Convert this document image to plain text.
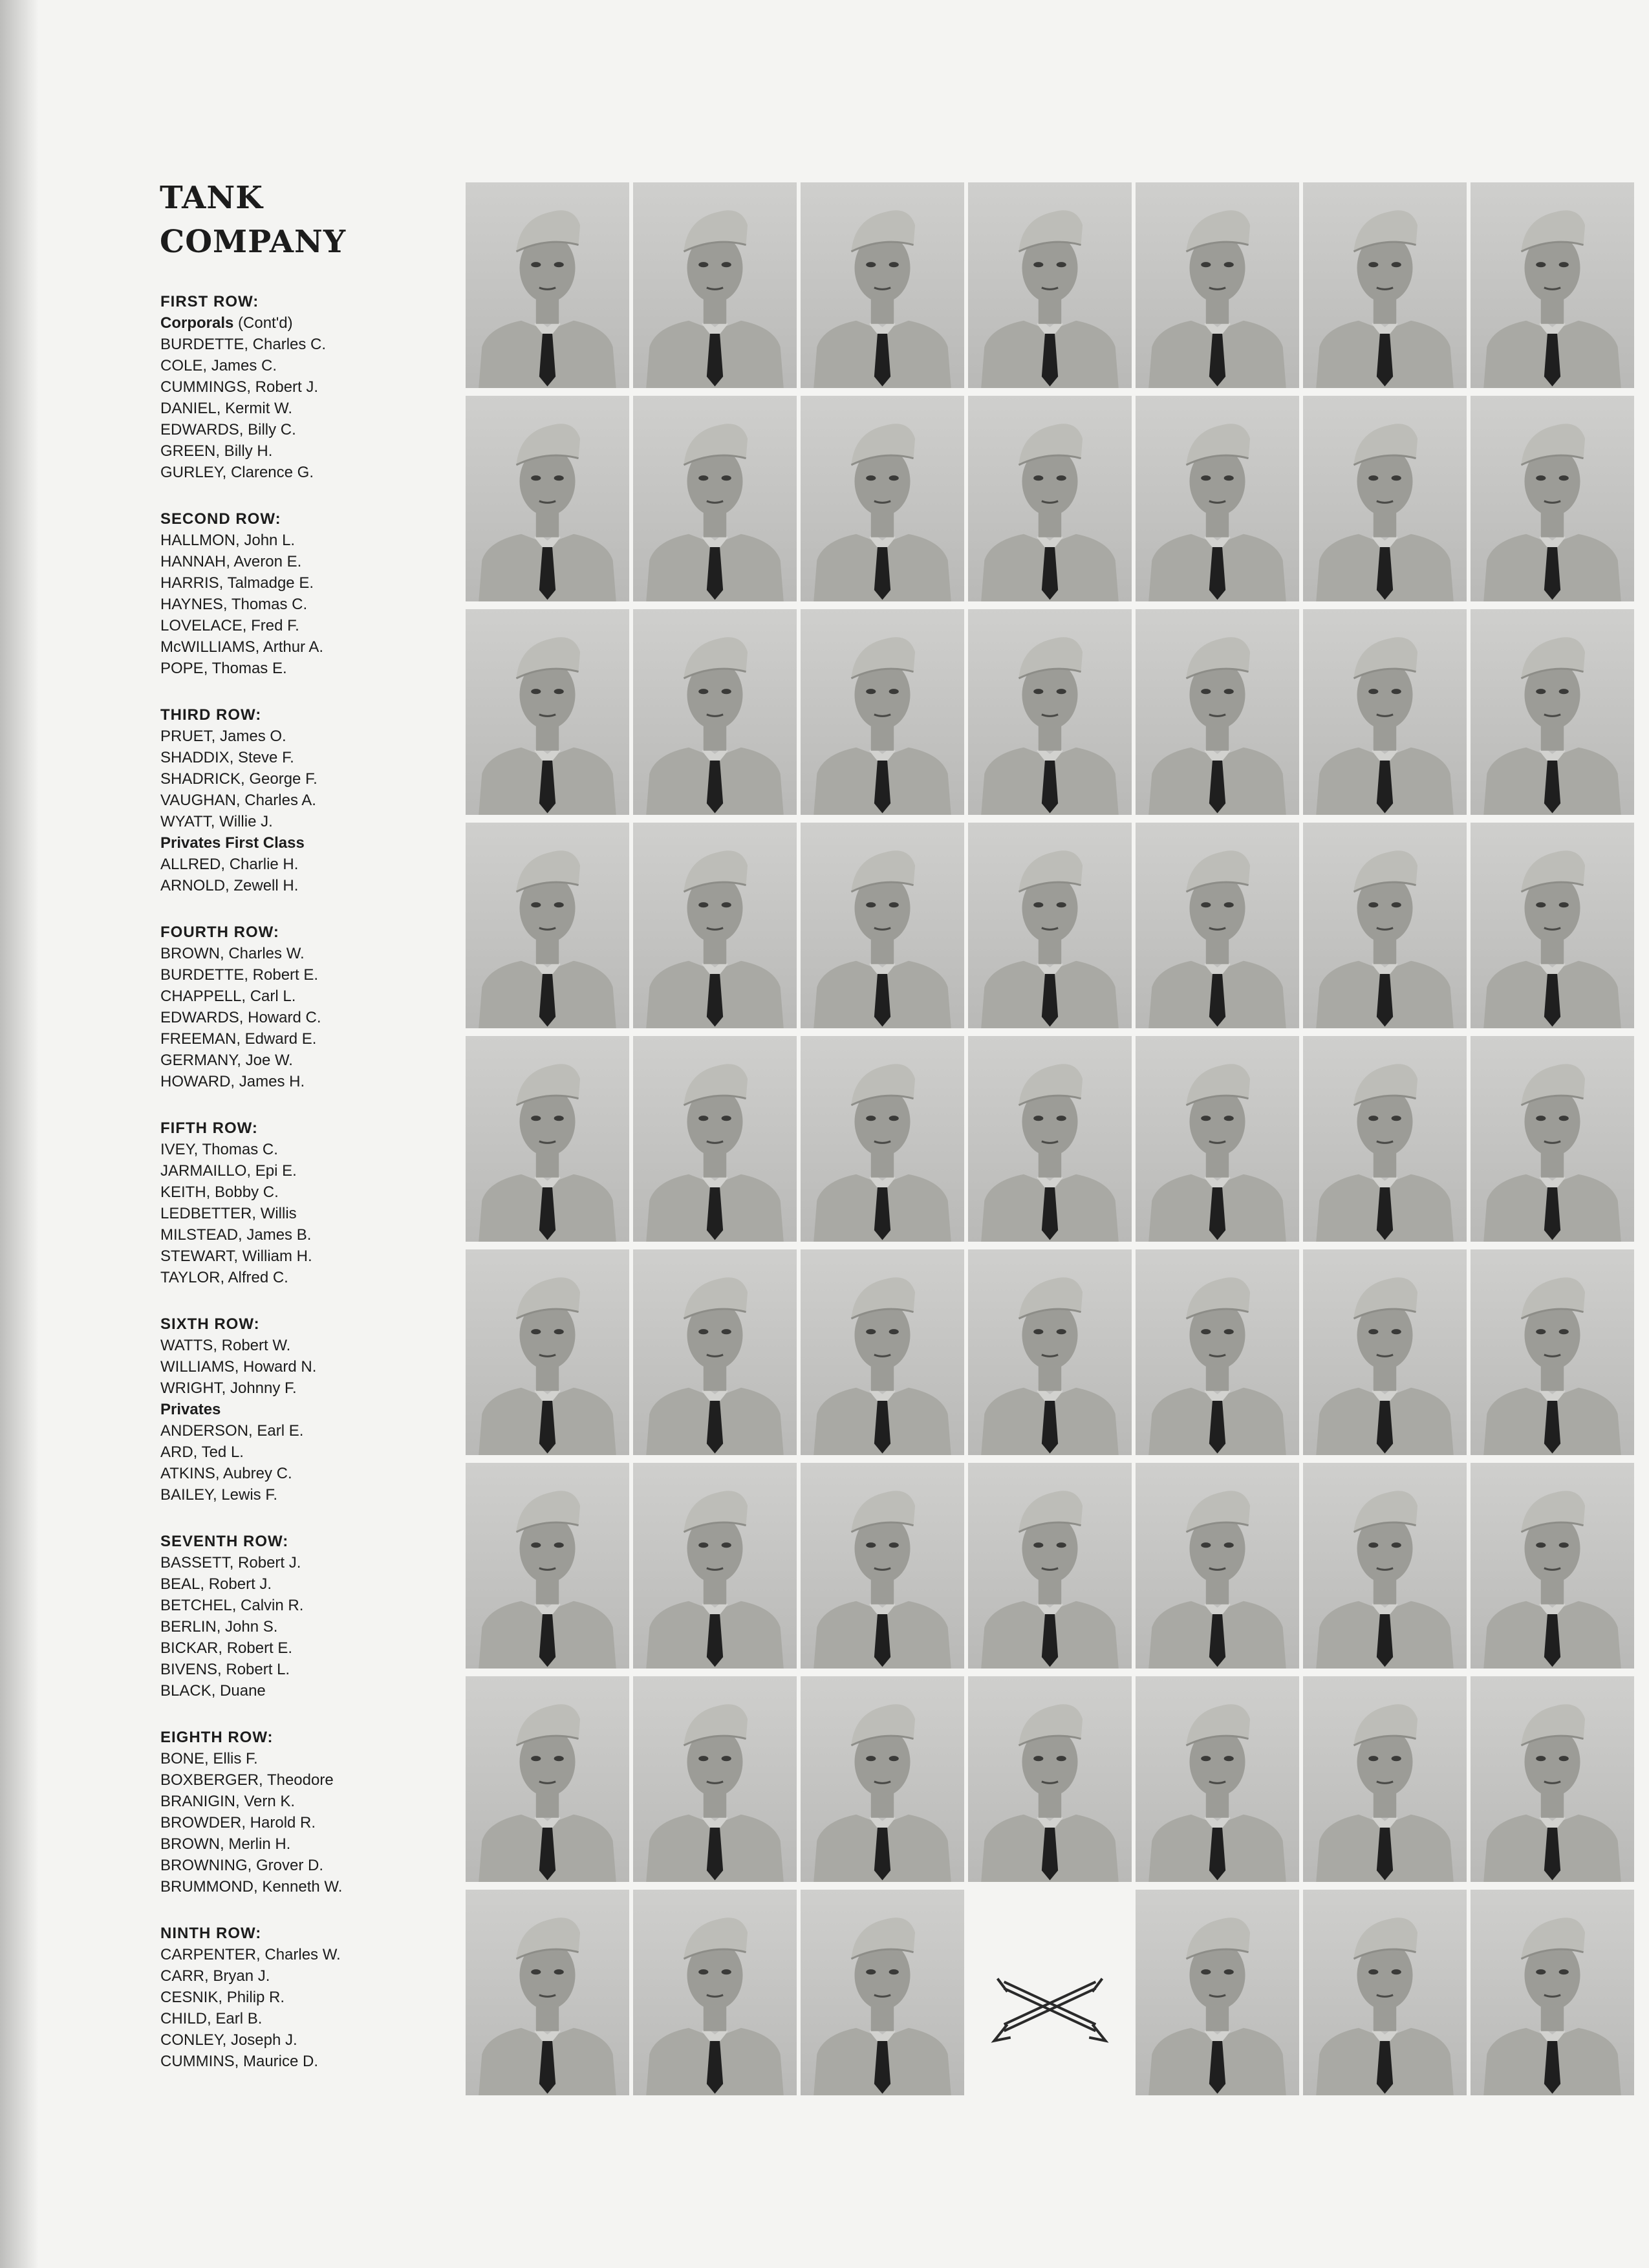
TANK
COMPANY
FIRST ROW:
Corporals (Cont'd)
BURDETTE, Charles C.
COLE, James C.
CUMMINGS, Robert J.
DANIEL, Kermit W.
EDWARDS, Billy C.
GREEN, Billy H.
GURLEY, Clarence G.
SECOND ROW:
HALLMON, John L.
HANNAH, Averon E.
HARRIS, Talmadge E.
HAYNES, Thomas C.
LOVELACE, Fred F.
McWILLIAMS, Arthur A.
POPE, Thomas E.
THIRD ROW:
PRUET, James O.
SHADDIX, Steve F.
SHADRICK, George F.
VAUGHAN, Charles A.
WYATT, Willie J.
Privates First Class
ALLRED, Charlie H.
ARNOLD, Zewell H.
FOURTH ROW:
BROWN, Charles W.
BURDETTE, Robert E.
CHAPPELL, Carl L.
EDWARDS, Howard C.
FREEMAN, Edward E.
GERMANY, Joe W.
HOWARD, James H.
FIFTH ROW:
IVEY, Thomas C.
JARMAILLO, Epi E.
KEITH, Bobby C.
LEDBETTER, Willis
MILSTEAD, James B.
STEWART, William H.
TAYLOR, Alfred C.
SIXTH ROW:
WATTS, Robert W.
WILLIAMS, Howard N.
WRIGHT, Johnny F.
Privates
ANDERSON, Earl E.
ARD, Ted L.
ATKINS, Aubrey C.
BAILEY, Lewis F.
SEVENTH ROW:
BASSETT, Robert J.
BEAL, Robert J.
BETCHEL, Calvin R.
BERLIN, John S.
BICKAR, Robert E.
BIVENS, Robert L.
BLACK, Duane
EIGHTH ROW:
BONE, Ellis F.
BOXBERGER, Theodore
BRANIGIN, Vern K.
BROWDER, Harold R.
BROWN, Merlin H.
BROWNING, Grover D.
BRUMMOND, Kenneth W.
NINTH ROW:
CARPENTER, Charles W.
CARR, Bryan J.
CESNIK, Philip R.
CHILD, Earl B.
CONLEY, Joseph J.
CUMMINS, Maurice D.
